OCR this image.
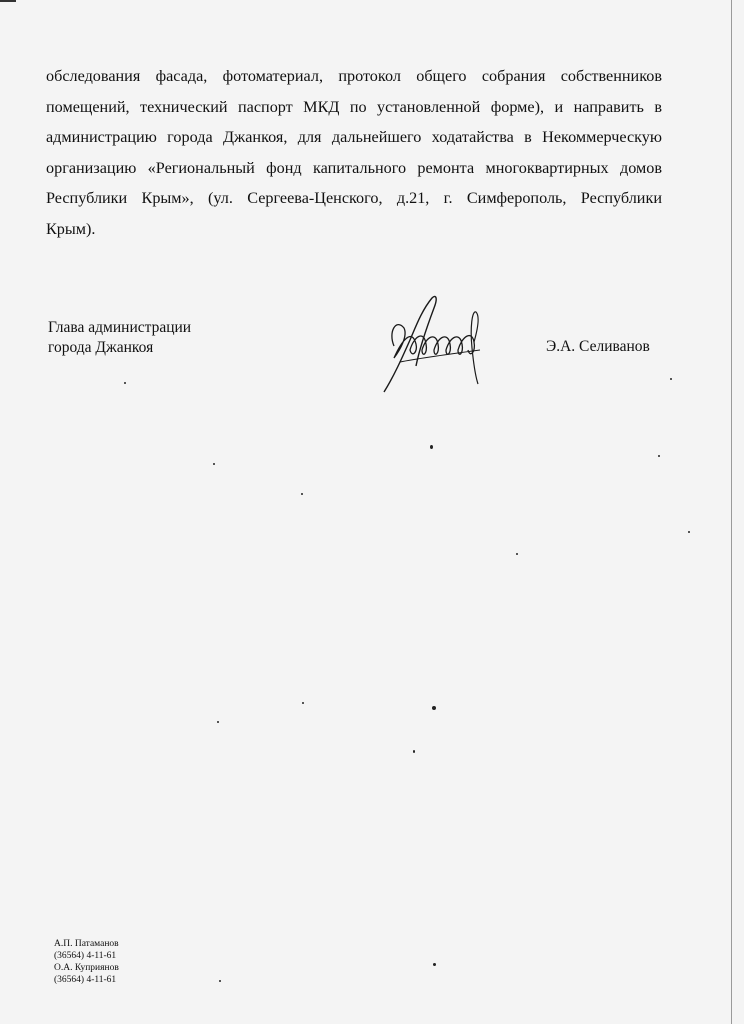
обследования фасада, фотоматериал, протокол общего собрания собственников
помещений, технический паспорт МКД по установленной форме), и направить в
администрацию города Джанкоя, для дальнейшего ходатайства в Некоммерческую
организацию «Региональный фонд капитального ремонта многоквартирных домов
Республики Крым», (ул. Сергеева-Ценского, д.21, г. Симферополь, Республики
Крым).
Глава администрации
города Джанкоя	Э.А. Селиванов
А.П. Патаманов
(36564) 4-11-61
О.А. Куприянов
(36564) 4-11-61
